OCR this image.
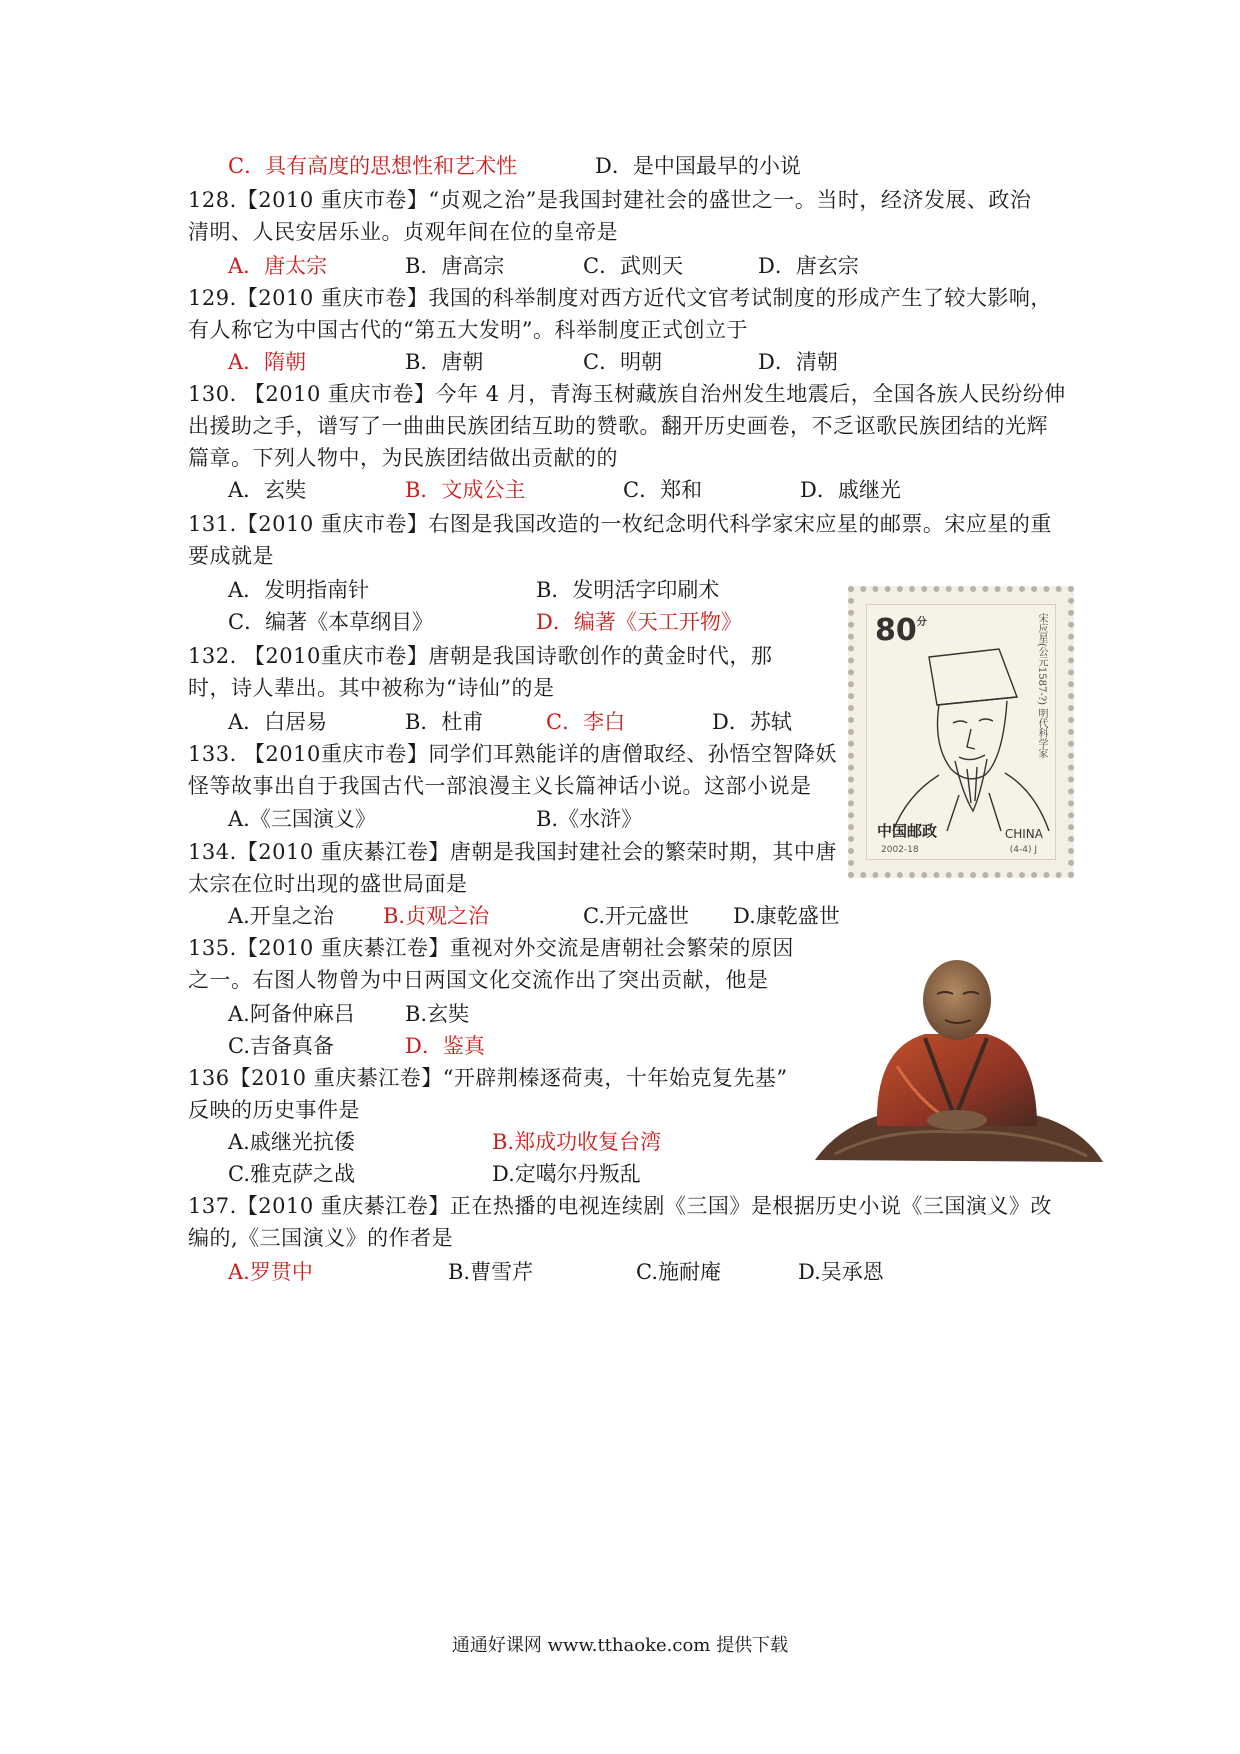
C．具有高度的思想性和艺术性	D．是中国最早的小说
128.【2010 重庆市卷】“贞观之治”是我国封建社会的盛世之一。当时，经济发展、政治
清明、人民安居乐业。贞观年间在位的皇帝是
A．唐太宗	B．唐高宗	C．武则天	D．唐玄宗
129.【2010 重庆市卷】我国的科举制度对西方近代文官考试制度的形成产生了较大影响，
有人称它为中国古代的“第五大发明”。科举制度正式创立于
A．隋朝	B．唐朝	C．明朝	D．清朝
130. 【2010 重庆市卷】今年 4 月，青海玉树藏族自治州发生地震后，全国各族人民纷纷伸
出援助之手，谱写了一曲曲民族团结互助的赞歌。翻开历史画卷，不乏讴歌民族团结的光辉
篇章。下列人物中，为民族团结做出贡献的的
A．玄奘	B．文成公主	C．郑和	D．戚继光
131.【2010 重庆市卷】右图是我国改造的一枚纪念明代科学家宋应星的邮票。宋应星的重
要成就是
A．发明指南针	B．发明活字印刷术
C．编著《本草纲目》	D．编著《天工开物》
132. 【2010重庆市卷】唐朝是我国诗歌创作的黄金时代，那
时，诗人辈出。其中被称为“诗仙”的是
A．白居易	B．杜甫	C．李白	D．苏轼
133. 【2010重庆市卷】同学们耳熟能详的唐僧取经、孙悟空智降妖
怪等故事出自于我国古代一部浪漫主义长篇神话小说。这部小说是
A.《三国演义》	B.《水浒》
134.【2010 重庆綦江卷】唐朝是我国封建社会的繁荣时期，其中唐
太宗在位时出现的盛世局面是
A.开皇之治 B.贞观之治	C.开元盛世 D.康乾盛世
135.【2010 重庆綦江卷】重视对外交流是唐朝社会繁荣的原因
之一。右图人物曾为中日两国文化交流作出了突出贡献，他是
A.阿备仲麻吕 B.玄奘
C.吉备真备	D．鉴真
136【2010 重庆綦江卷】“开辟荆榛逐荷夷，十年始克复先基”
反映的历史事件是
A.戚继光抗倭	B.郑成功收复台湾
C.雅克萨之战	D.定噶尔丹叛乱
137.【2010 重庆綦江卷】正在热播的电视连续剧《三国》是根据历史小说《三国演义》改
编的,《三国演义》的作者是
A.罗贯中	B.曹雪芹	C.施耐庵	D.吴承恩
$80^分$	宋应星(公元1587-?) 明代科学家
中国邮政	CHINA
2002-18	(4-4) J
通通好课网 www.tthaoke.com 提供下载
